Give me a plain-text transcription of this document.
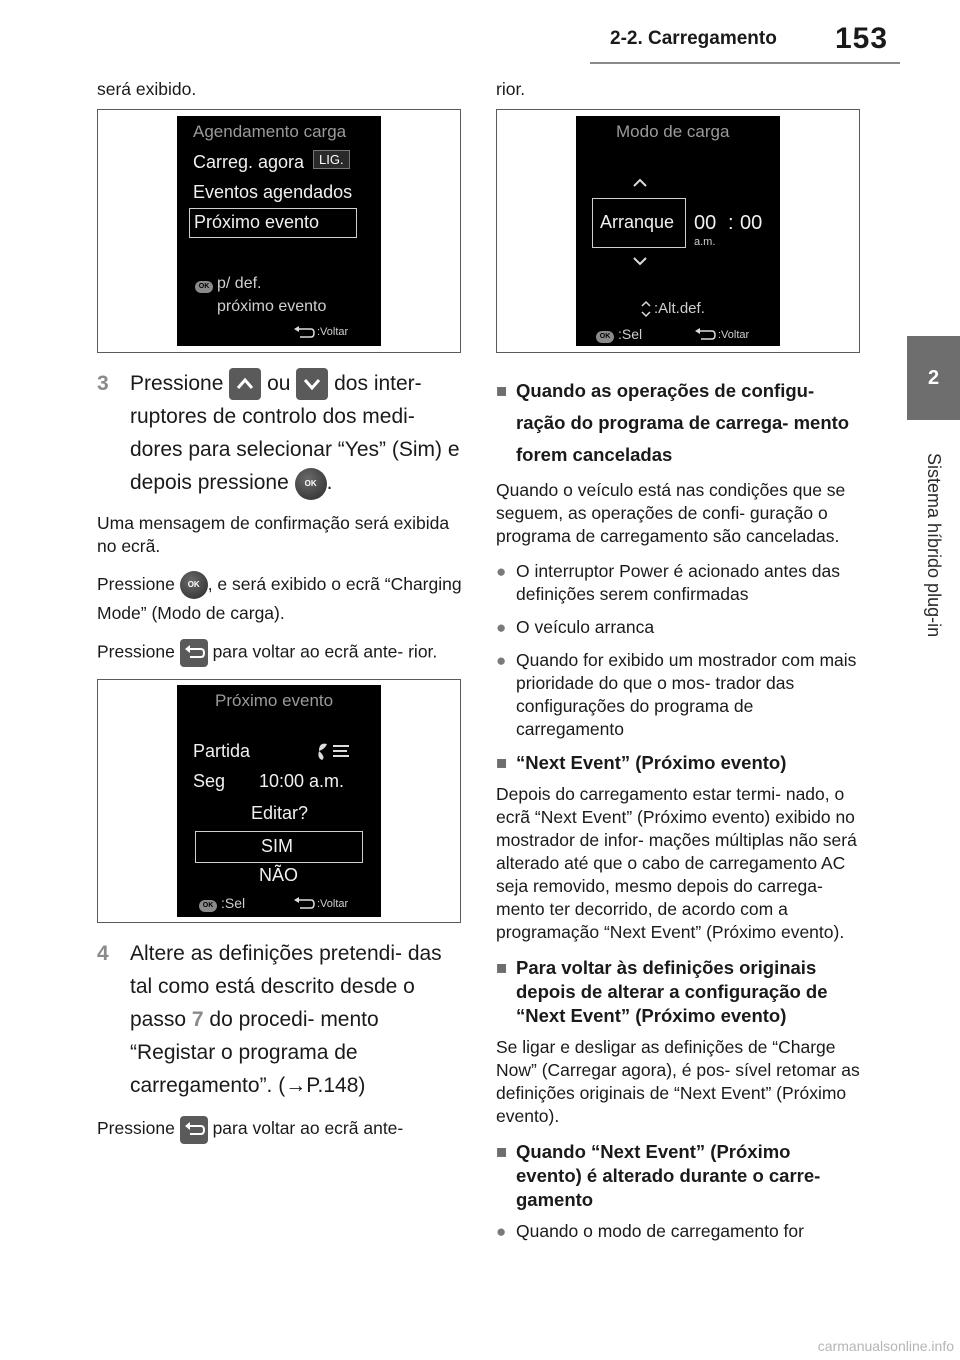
2-2. Carregamento 153
2
Sistema híbrido plug-in
será exibido.
Agendamento carga
Carreg. agora	LIG.
Eventos agendados
Próximo evento
OK p/ def.
próximo evento
:Voltar
3	Pressione ou dos inter- ruptores de controlo dos medi- dores para selecionar “Yes” (Sim) e depois pressione OK .
Uma mensagem de confirmação será exibida no ecrã.
Pressione OK , e será exibido o ecrã “Charging Mode” (Modo de carga).
Pressione para voltar ao ecrã ante- rior.
Próximo evento
Partida
Seg 10:00 a.m.
Editar?
SIM
NÃO
OK :Sel	:Voltar
4	Altere as definições pretendi- das tal como está descrito desde o passo 7 do procedi- mento “Registar o programa de carregamento”. (→P.148)
Pressione para voltar ao ecrã ante-
rior.
Modo de carga
Arranque 00 : 00
a.m.
:Alt.def.
OK :Sel	:Voltar
■ Quando as operações de configu- ração do programa de carrega- mento forem canceladas
Quando o veículo está nas condições que se seguem, as operações de confi- guração o programa de carregamento são canceladas.
● O interruptor Power é acionado antes das definições serem confirmadas
● O veículo arranca
● Quando for exibido um mostrador com mais prioridade do que o mos- trador das configurações do programa de carregamento
■ “Next Event” (Próximo evento)
Depois do carregamento estar termi- nado, o ecrã “Next Event” (Próximo evento) exibido no mostrador de infor- mações múltiplas não será alterado até que o cabo de carregamento AC seja removido, mesmo depois do carrega- mento ter decorrido, de acordo com a programação “Next Event” (Próximo evento).
■ Para voltar às definições originais depois de alterar a configuração de “Next Event” (Próximo evento)
Se ligar e desligar as definições de “Charge Now” (Carregar agora), é pos- sível retomar as definições originais de “Next Event” (Próximo evento).
■ Quando “Next Event” (Próximo evento) é alterado durante o carre- gamento
● Quando o modo de carregamento for
carmanualsonline.info
